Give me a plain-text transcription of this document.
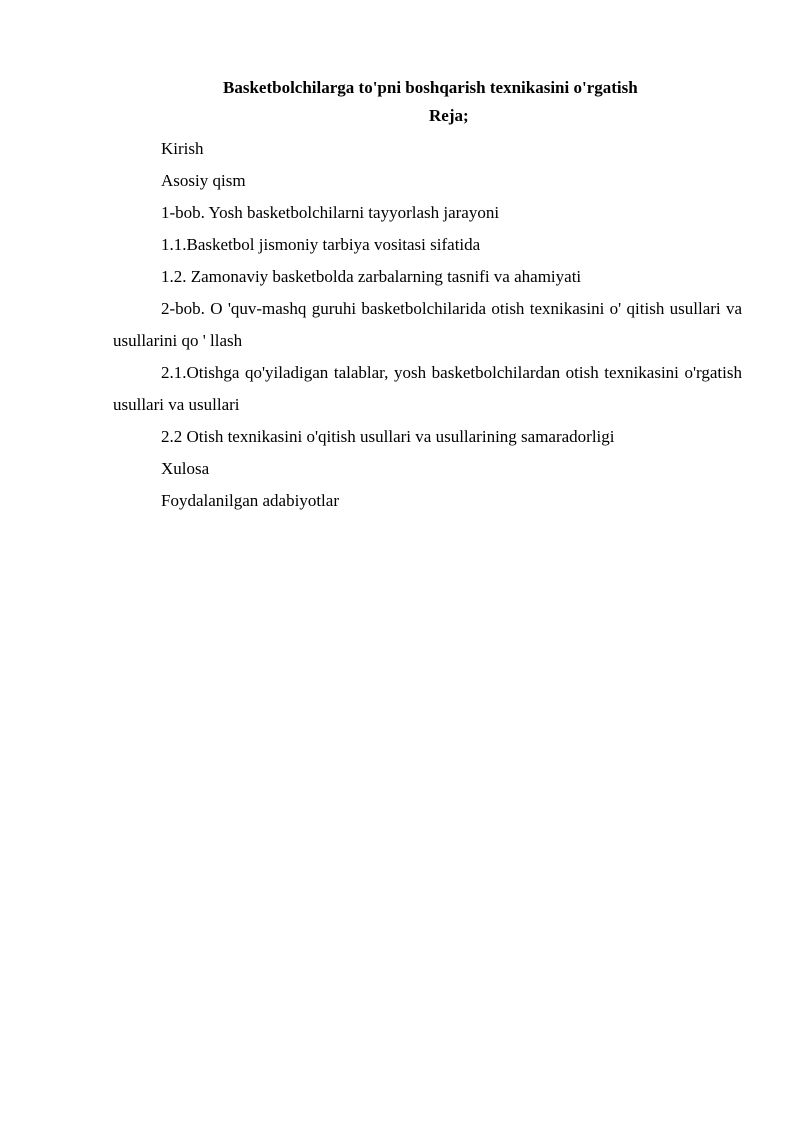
Basketbolchilarga to'pni boshqarish texnikasini o'rgatish

Reja;

Kirish

Asosiy qism

1-bob. Yosh basketbolchilarni tayyorlash jarayoni

1.1.Basketbol jismoniy tarbiya vositasi sifatida

1.2. Zamonaviy basketbolda zarbalarning tasnifi va ahamiyati

2-bob. O 'quv-mashq guruhi basketbolchilarida otish texnikasini o' qitish usullari va usullarini qo ' llash

2.1.Otishga qo'yiladigan talablar, yosh basketbolchilardan otish texnikasini o'rgatish usullari va usullari

2.2 Otish texnikasini o'qitish usullari va usullarining samaradorligi

Xulosa

Foydalanilgan adabiyotlar
